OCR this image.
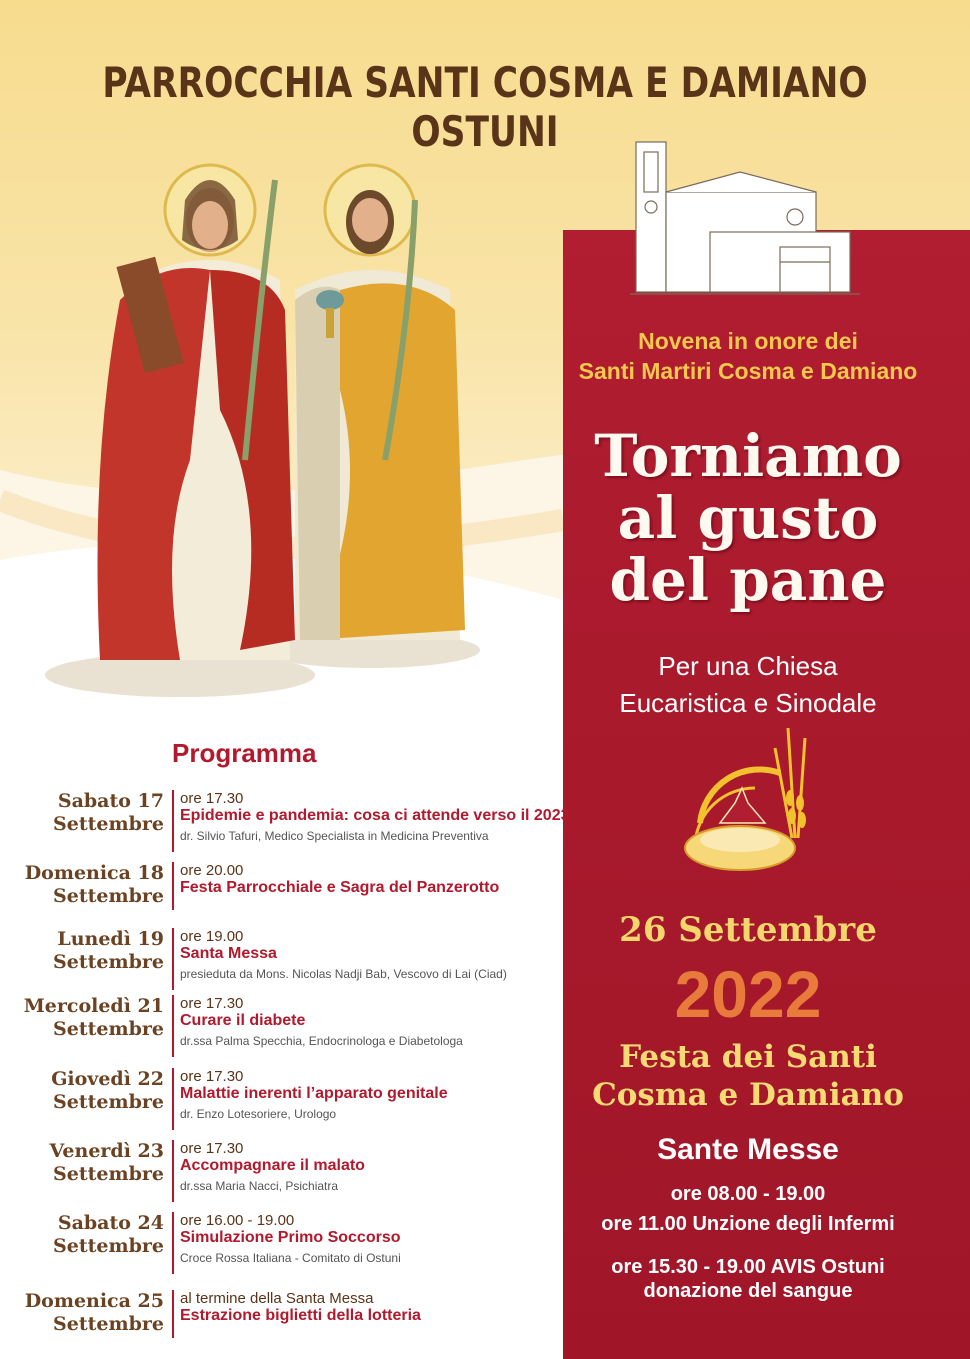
PARROCCHIA SANTI COSMA E DAMIANO OSTUNI
Novena in onore dei
Santi Martiri Cosma e Damiano
Torniamo
al gusto
del pane
Per una Chiesa
Eucaristica e Sinodale
26 Settembre
2022
Festa dei Santi
Cosma e Damiano
Sante Messe
ore 08.00 - 19.00
ore 11.00 Unzione degli Infermi
ore 15.30 - 19.00 AVIS Ostuni
donazione del sangue
Programma
Sabato 17
Settembre
ore 17.30
Epidemie e pandemia: cosa ci attende verso il 2023
dr. Silvio Tafuri, Medico Specialista in Medicina Preventiva
Domenica 18
Settembre
ore 20.00
Festa Parrocchiale e Sagra del Panzerotto
Lunedì 19
Settembre
ore 19.00
Santa Messa
presieduta da Mons. Nicolas Nadji Bab, Vescovo di Lai (Ciad)
Mercoledì 21
Settembre
ore 17.30
Curare il diabete
dr.ssa Palma Specchia, Endocrinologa e Diabetologa
Giovedì 22
Settembre
ore 17.30
Malattie inerenti l’apparato genitale
dr. Enzo Lotesoriere, Urologo
Venerdì 23
Settembre
ore 17.30
Accompagnare il malato
dr.ssa Maria Nacci, Psichiatra
Sabato 24
Settembre
ore 16.00 - 19.00
Simulazione Primo Soccorso
Croce Rossa Italiana - Comitato di Ostuni
Domenica 25
Settembre
al termine della Santa Messa
Estrazione biglietti della lotteria
